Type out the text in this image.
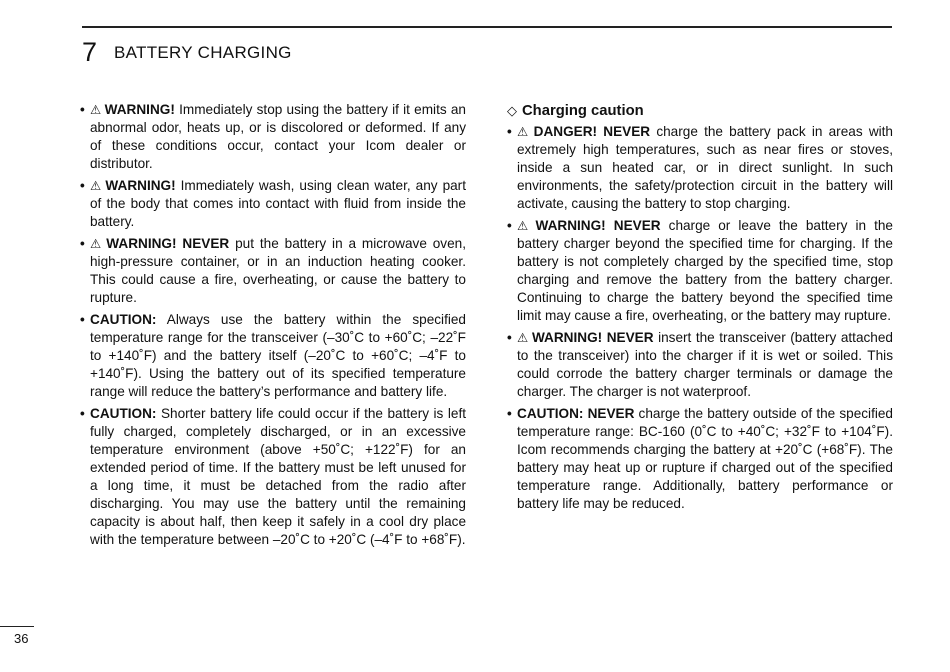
7 BATTERY CHARGING
• ⚠ WARNING! Immediately stop using the battery if it emits an abnormal odor, heats up, or is discolored or deformed. If any of these conditions occur, contact your Icom dealer or distributor.
• ⚠ WARNING! Immediately wash, using clean water, any part of the body that comes into contact with fluid from inside the battery.
• ⚠ WARNING! NEVER put the battery in a microwave oven, high-pressure container, or in an induction heating cooker. This could cause a fire, overheating, or cause the battery to rupture.
• CAUTION: Always use the battery within the specified temperature range for the transceiver (–30˚C to +60˚C; –22˚F to +140˚F) and the battery itself (–20˚C to +60˚C; –4˚F to +140˚F). Using the battery out of its specified temperature range will reduce the battery’s performance and battery life.
• CAUTION: Shorter battery life could occur if the battery is left fully charged, completely discharged, or in an excessive temperature environment (above +50˚C; +122˚F) for an extended period of time. If the battery must be left unused for a long time, it must be detached from the radio after discharging. You may use the battery until the remaining capacity is about half, then keep it safely in a cool dry place with the temperature between –20˚C to +20˚C (–4˚F to +68˚F).
◇ Charging caution
• ⚠ DANGER! NEVER charge the battery pack in areas with extremely high temperatures, such as near fires or stoves, inside a sun heated car, or in direct sunlight. In such environments, the safety/protection circuit in the battery will activate, causing the battery to stop charging.
• ⚠ WARNING! NEVER charge or leave the battery in the battery charger beyond the specified time for charging. If the battery is not completely charged by the specified time, stop charging and remove the battery from the battery charger. Continuing to charge the battery beyond the specified time limit may cause a fire, overheating, or the battery may rupture.
• ⚠ WARNING! NEVER insert the transceiver (battery attached to the transceiver) into the charger if it is wet or soiled. This could corrode the battery charger terminals or damage the charger. The charger is not waterproof.
• CAUTION: NEVER charge the battery outside of the specified temperature range: BC-160 (0˚C to +40˚C; +32˚F to +104˚F). Icom recommends charging the battery at +20˚C (+68˚F). The battery may heat up or rupture if charged out of the specified temperature range. Additionally, battery performance or battery life may be reduced.
36
